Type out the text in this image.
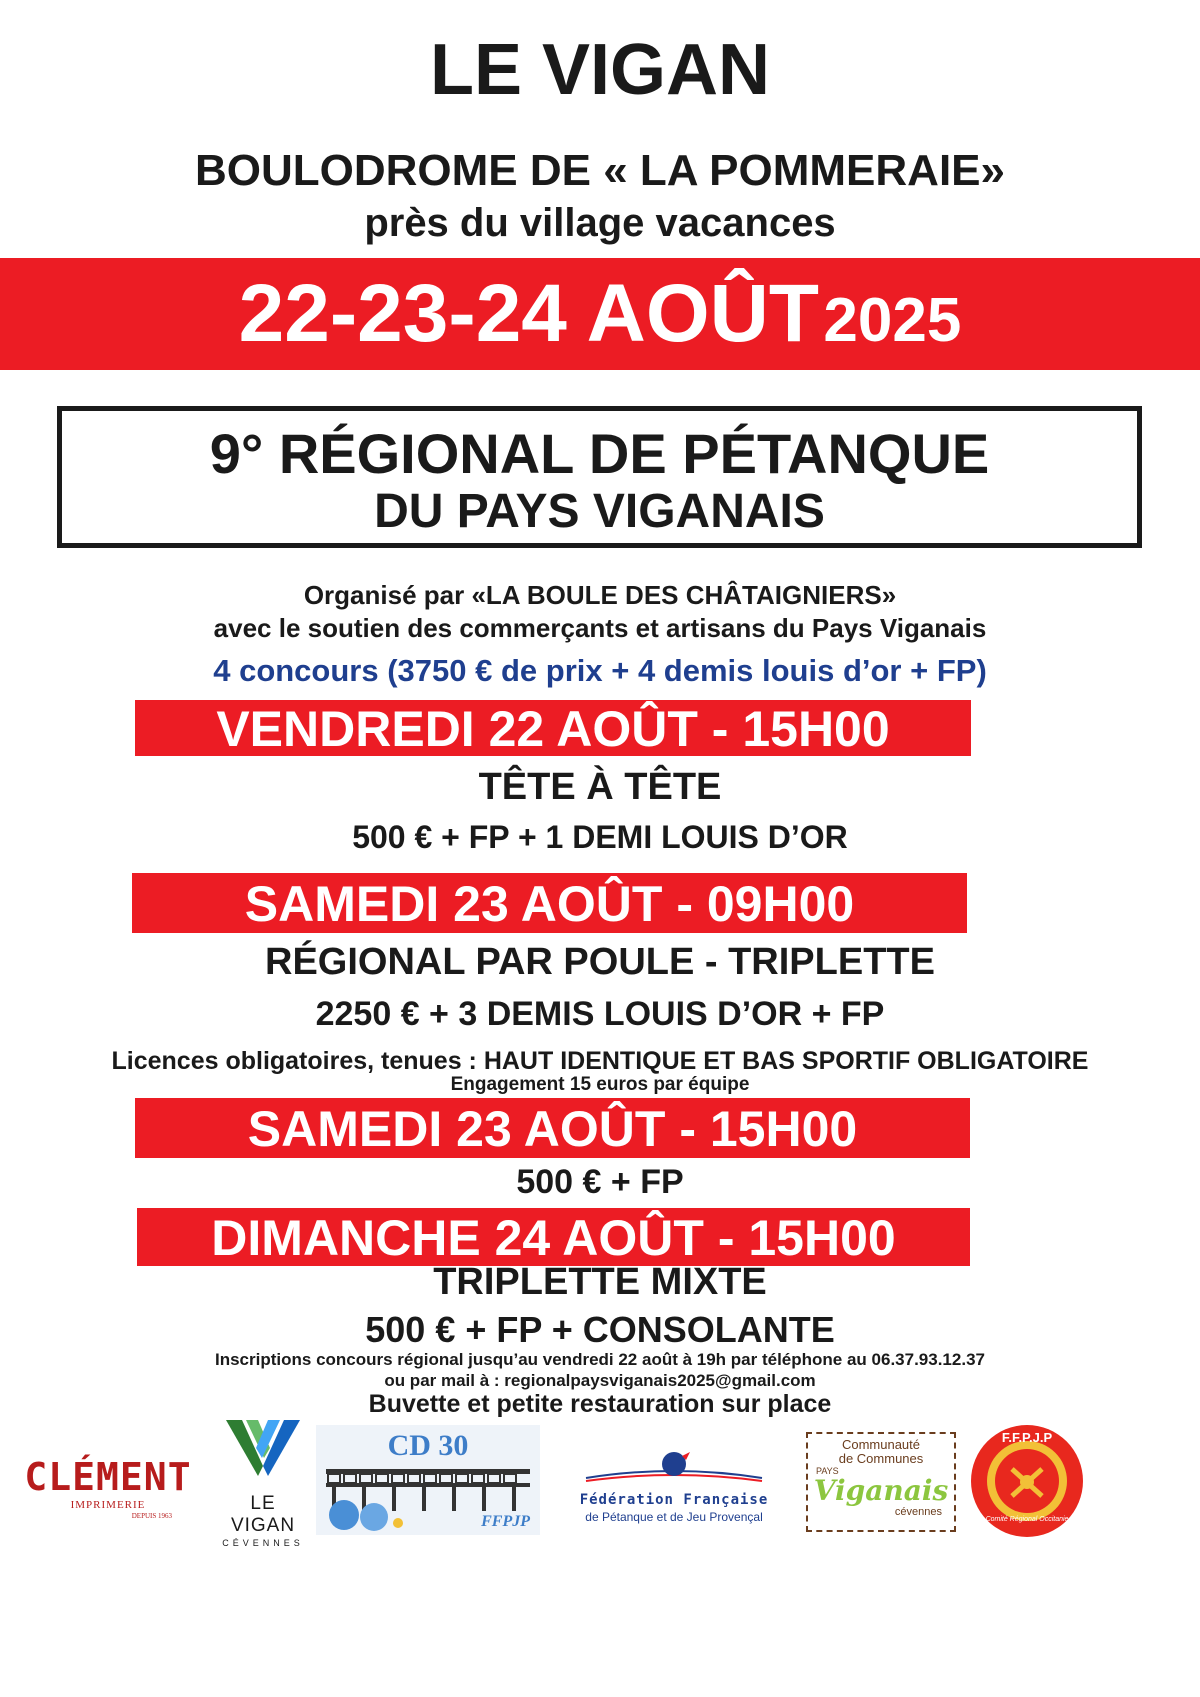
LE VIGAN
BOULODROME DE « LA POMMERAIE»
près du village vacances
22-23-24 AOÛT 2025
9° RÉGIONAL DE PÉTANQUE
DU PAYS VIGANAIS
Organisé par «LA BOULE DES CHÂTAIGNIERS»
avec le soutien des commerçants et artisans du Pays Viganais
4 concours (3750 € de prix + 4 demis louis d’or + FP)
VENDREDI 22 AOÛT - 15H00
TÊTE À TÊTE
500 € + FP + 1 DEMI LOUIS D’OR
SAMEDI 23 AOÛT - 09H00
RÉGIONAL PAR POULE - TRIPLETTE
2250 € + 3 DEMIS LOUIS D’OR + FP
Licences obligatoires, tenues : HAUT IDENTIQUE ET BAS SPORTIF OBLIGATOIRE
Engagement 15 euros par équipe
SAMEDI 23 AOÛT - 15H00
500 € + FP
DIMANCHE 24 AOÛT - 15H00
TRIPLETTE MIXTE
500 € + FP + CONSOLANTE
Inscriptions concours régional jusqu’au vendredi 22 août à 19h par téléphone au 06.37.93.12.37
ou par mail à : regionalpaysviganais2025@gmail.com
Buvette et petite restauration sur place
CLÉMENT
IMPRIMERIE
DEPUIS 1963
LE VIGAN
CÉVENNES
CD 30
FFPJP
Fédération Française
de Pétanque et de Jeu Provençal
Communauté
de Communes
PAYS
Viganais
cévennes
F.F.P.J.P
Comité Régional Occitanie
